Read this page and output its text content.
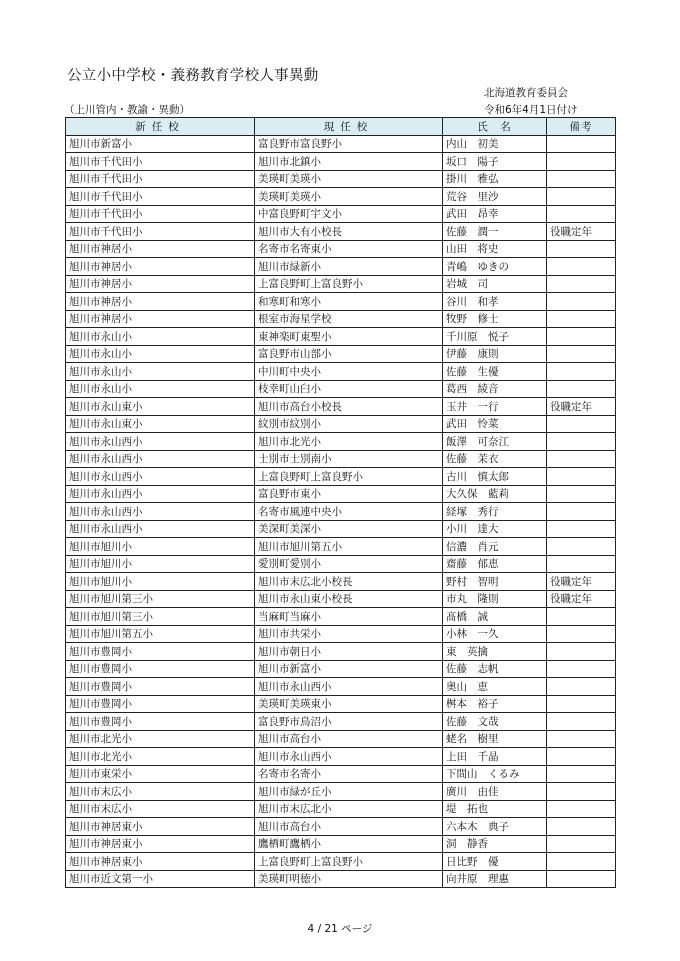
公立小中学校・義務教育学校人事異動
北海道教育委員会
（上川管内・教諭・異動）	令和6年4月1日付け
新任校	現任校	氏　名	備考
旭川市新富小	富良野市富良野小	内山　初美	
旭川市千代田小	旭川市北鎮小	坂口　陽子	
旭川市千代田小	美瑛町美瑛小	掛川　雅弘	
旭川市千代田小	美瑛町美瑛小	荒谷　里沙	
旭川市千代田小	中富良野町宇文小	武田　昂幸	
旭川市千代田小	旭川市大有小校長	佐藤　潤一	役職定年
旭川市神居小	名寄市名寄東小	山田　将史	
旭川市神居小	旭川市緑新小	青嶋　ゆきの	
旭川市神居小	上富良野町上富良野小	岩城　司	
旭川市神居小	和寒町和寒小	谷川　和孝	
旭川市神居小	根室市海星学校	牧野　修士	
旭川市永山小	東神楽町東聖小	千川原　悦子	
旭川市永山小	富良野市山部小	伊藤　康則	
旭川市永山小	中川町中央小	佐藤　生優	
旭川市永山小	枝幸町山臼小	葛西　綾音	
旭川市永山東小	旭川市高台小校長	玉井　一行	役職定年
旭川市永山東小	紋別市紋別小	武田　怜菜	
旭川市永山西小	旭川市北光小	飯澤　可奈江	
旭川市永山西小	士別市士別南小	佐藤　茉衣	
旭川市永山西小	上富良野町上富良野小	古川　慎太郎	
旭川市永山西小	富良野市東小	大久保　藍莉	
旭川市永山西小	名寄市風連中央小	経塚　秀行	
旭川市永山西小	美深町美深小	小川　達大	
旭川市旭川小	旭川市旭川第五小	信濃　肖元	
旭川市旭川小	愛別町愛別小	齋藤　郁恵	
旭川市旭川小	旭川市末広北小校長	野村　智明	役職定年
旭川市旭川第三小	旭川市永山東小校長	市丸　隆則	役職定年
旭川市旭川第三小	当麻町当麻小	髙橋　誠	
旭川市旭川第五小	旭川市共栄小	小林　一久	
旭川市豊岡小	旭川市朝日小	東　英擒	
旭川市豊岡小	旭川市新富小	佐藤　志帆	
旭川市豊岡小	旭川市永山西小	奥山　恵	
旭川市豊岡小	美瑛町美瑛東小	桝本　裕子	
旭川市豊岡小	富良野市鳥沼小	佐藤　文哉	
旭川市北光小	旭川市高台小	蛯名　樹里	
旭川市北光小	旭川市永山西小	上田　千晶	
旭川市東栄小	名寄市名寄小	下間山　くるみ	
旭川市末広小	旭川市緑が丘小	廣川　由佳	
旭川市末広小	旭川市末広北小	堤　拓也	
旭川市神居東小	旭川市高台小	六本木　典子	
旭川市神居東小	鷹栖町鷹栖小	洞　静香	
旭川市神居東小	上富良野町上富良野小	日比野　優	
旭川市近文第一小	美瑛町明徳小	向井原　理惠	
4 / 21 ページ
